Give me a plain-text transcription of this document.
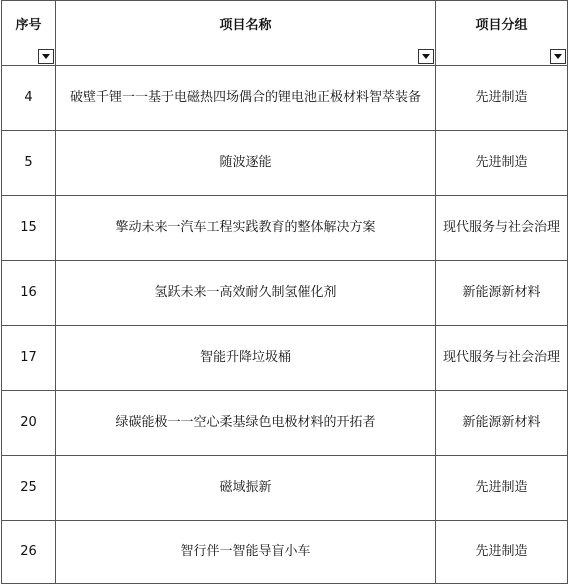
序号	项目名称	项目分组

4	破壁千锂一一基于电磁热四场偶合的锂电池正极材料智萃装备	先进制造
5	随波逐能	先进制造
15	擎动未来一汽车工程实践教育的整体解决方案	现代服务与社会治理
16	氢跃未来一高效耐久制氢催化剂	新能源新材料
17	智能升降垃圾桶	现代服务与社会治理
20	绿碳能极一一空心柔基绿色电极材料的开拓者	新能源新材料
25	磁域振新	先进制造
26	智行伴一智能导盲小车	先进制造
